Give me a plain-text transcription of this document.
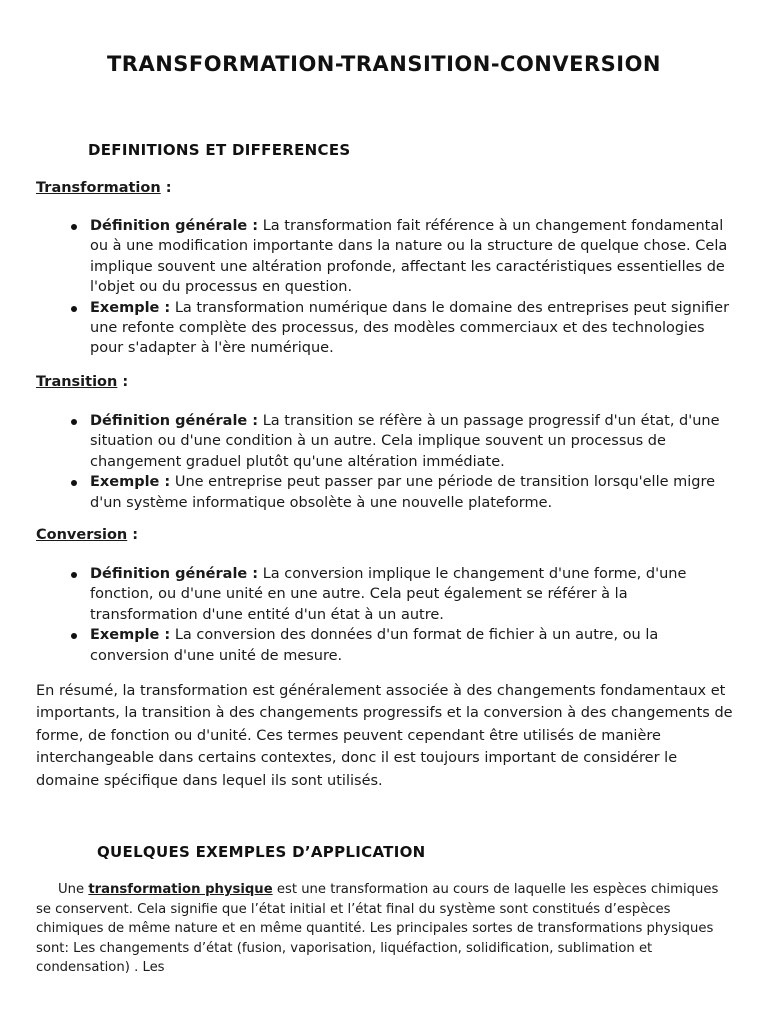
TRANSFORMATION-TRANSITION-CONVERSION
DEFINITIONS ET DIFFERENCES
Transformation :
Définition générale : La transformation fait référence à un changement fondamental ou à une modification importante dans la nature ou la structure de quelque chose. Cela implique souvent une altération profonde, affectant les caractéristiques essentielles de l'objet ou du processus en question.
Exemple : La transformation numérique dans le domaine des entreprises peut signifier une refonte complète des processus, des modèles commerciaux et des technologies pour s'adapter à l'ère numérique.
Transition :
Définition générale : La transition se réfère à un passage progressif d'un état, d'une situation ou d'une condition à un autre. Cela implique souvent un processus de changement graduel plutôt qu'une altération immédiate.
Exemple : Une entreprise peut passer par une période de transition lorsqu'elle migre d'un système informatique obsolète à une nouvelle plateforme.
Conversion :
Définition générale : La conversion implique le changement d'une forme, d'une fonction, ou d'une unité en une autre. Cela peut également se référer à la transformation d'une entité d'un état à un autre.
Exemple : La conversion des données d'un format de fichier à un autre, ou la conversion d'une unité de mesure.

En résumé, la transformation est généralement associée à des changements fondamentaux et importants, la transition à des changements progressifs et la conversion à des changements de forme, de fonction ou d'unité. Ces termes peuvent cependant être utilisés de manière interchangeable dans certains contextes, donc il est toujours important de considérer le domaine spécifique dans lequel ils sont utilisés.

QUELQUES EXEMPLES D’APPLICATION

Une transformation physique est une transformation au cours de laquelle les espèces chimiques se conservent. Cela signifie que l’état initial et l’état final du système sont constitués d’espèces chimiques de même nature et en même quantité. Les principales sortes de transformations physiques sont: Les changements d’état (fusion, vaporisation, liquéfaction, solidification, sublimation et condensation) . Les
